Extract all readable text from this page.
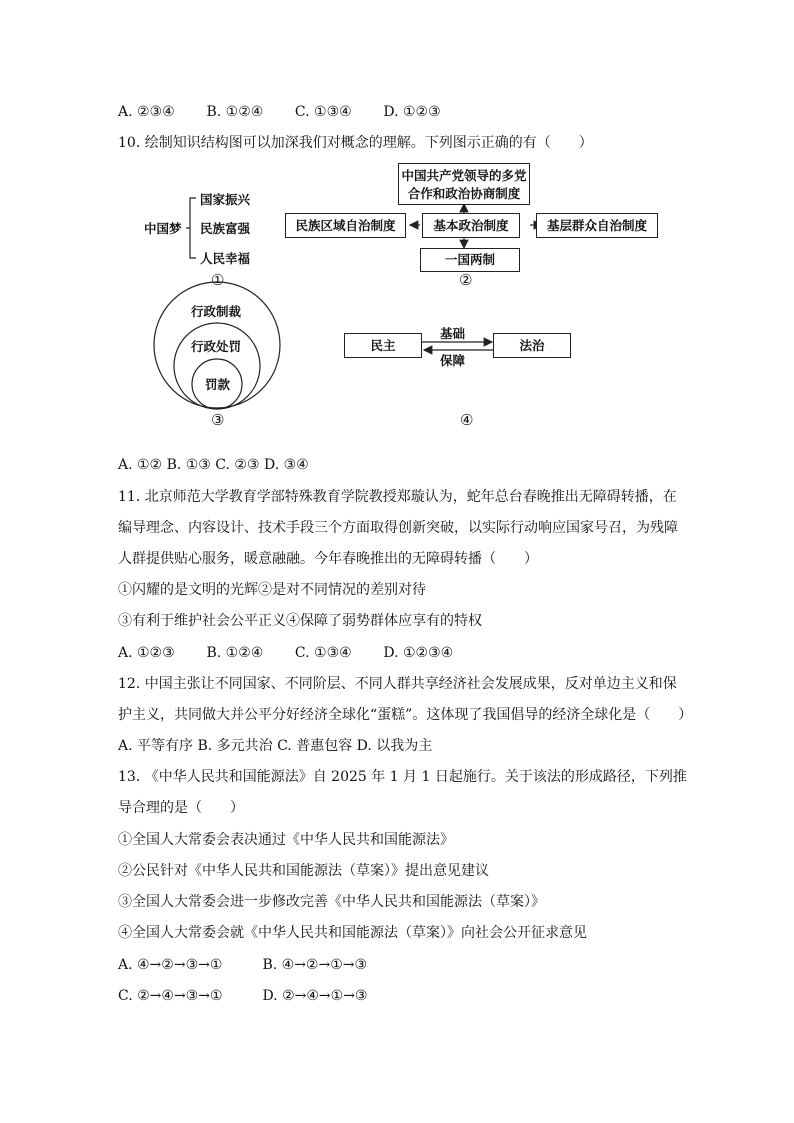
A. ②③④ B. ①②④ C. ①③④ D. ①②③
10. 绘制知识结构图可以加深我们对概念的理解。下列图示正确的有（　　）
中国梦
国家振兴
民族富强
人民幸福
①
中国共产党领导的多党
合作和政治协商制度
基本政治制度
民族区域自治制度	基层群众自治制度
一国两制
②
行政制裁
行政处罚
罚款
③
民主	法治
基础
保障
④
A. ①② B. ①③ C. ②③ D. ③④
11. 北京师范大学教育学部特殊教育学院教授郑璇认为，蛇年总台春晚推出无障碍转播，在
编导理念、内容设计、技术手段三个方面取得创新突破，以实际行动响应国家号召，为残障
人群提供贴心服务，暖意融融。今年春晚推出的无障碍转播（　　）
①闪耀的是文明的光辉②是对不同情况的差别对待
③有利于维护社会公平正义④保障了弱势群体应享有的特权
A. ①②③ B. ①②④ C. ①③④ D. ①②③④
12. 中国主张让不同国家、不同阶层、不同人群共享经济社会发展成果，反对单边主义和保
护主义，共同做大并公平分好经济全球化“蛋糕”。这体现了我国倡导的经济全球化是（　　）
A. 平等有序 B. 多元共治 C. 普惠包容 D. 以我为主
13. 《中华人民共和国能源法》自 2025 年 1 月 1 日起施行。关于该法的形成路径，下列推
导合理的是（　　）
①全国人大常委会表决通过《中华人民共和国能源法》
②公民针对《中华人民共和国能源法（草案）》提出意见建议
③全国人大常委会进一步修改完善《中华人民共和国能源法（草案）》
④全国人大常委会就《中华人民共和国能源法（草案）》向社会公开征求意见
A. ④→②→③→①	B. ④→②→①→③
C. ②→④→③→①	D. ②→④→①→③
